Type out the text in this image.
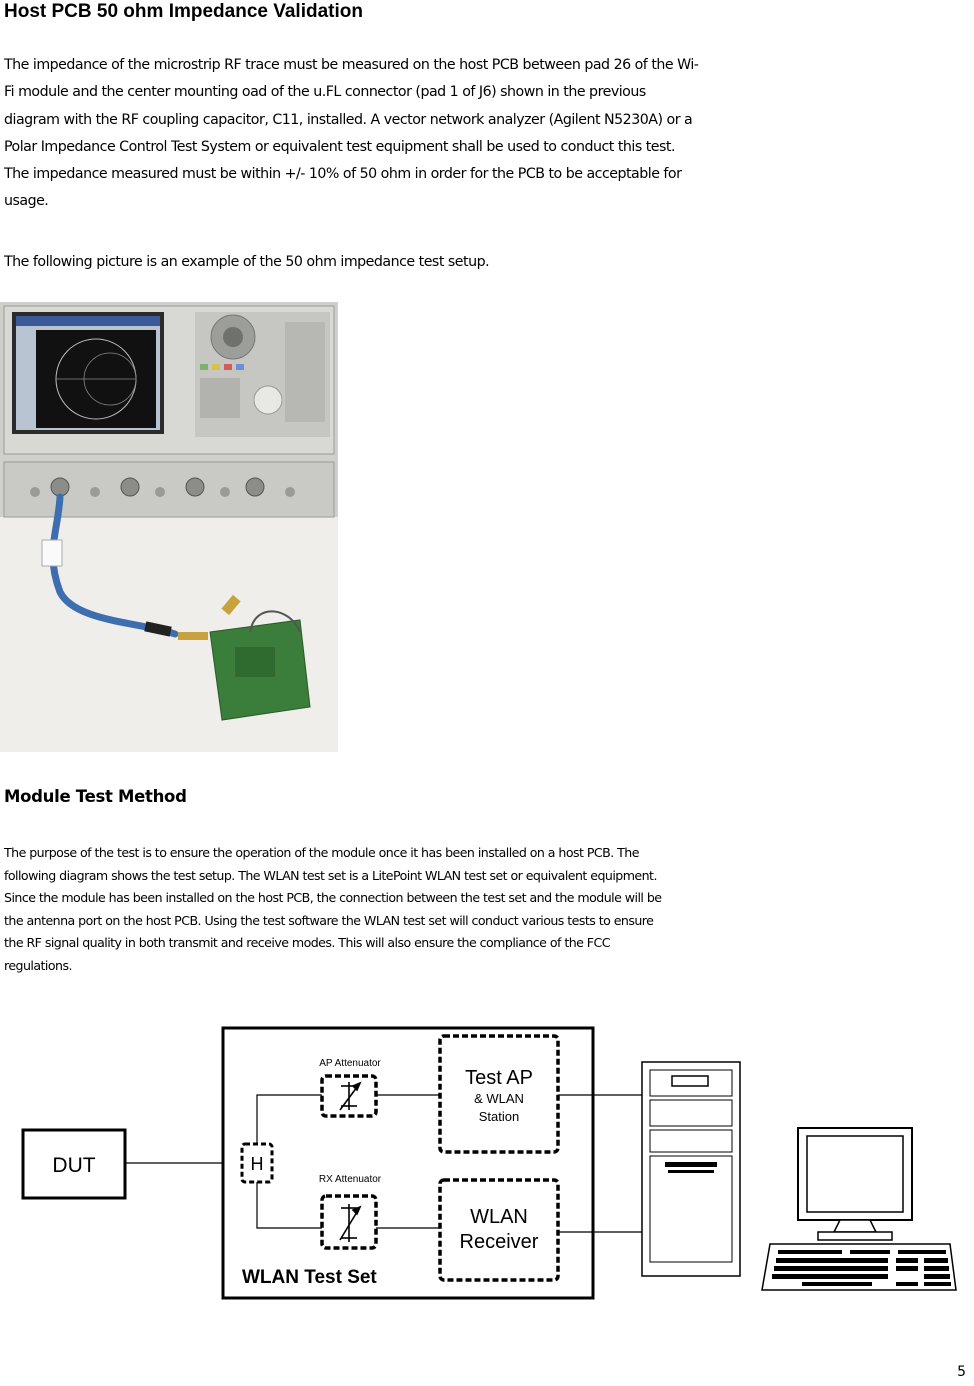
Host PCB 50 ohm Impedance Validation
The impedance of the microstrip RF trace must be measured on the host PCB between pad 26 of the Wi-
Fi module and the center mounting oad of the u.FL connector (pad 1 of J6) shown in the previous
diagram with the RF coupling capacitor, C11, installed. A vector network analyzer (Agilent N5230A) or a
Polar Impedance Control Test System or equivalent test equipment shall be used to conduct this test.
The impedance measured must be within +/- 10% of 50 ohm in order for the PCB to be acceptable for
usage.
The following picture is an example of the 50 ohm impedance test setup.
Module Test Method
The purpose of the test is to ensure the operation of the module once it has been installed on a host PCB. The
following diagram shows the test setup. The WLAN test set is a LitePoint WLAN test set or equivalent equipment.
Since the module has been installed on the host PCB, the connection between the test set and the module will be
the antenna port on the host PCB. Using the test software the WLAN test set will conduct various tests to ensure
the RF signal quality in both transmit and receive modes. This will also ensure the compliance of the FCC
regulations.
DUT
WLAN Test Set
H
AP Attenuator
RX Attenuator
Test AP
& WLAN
Station
WLAN
Receiver
5
